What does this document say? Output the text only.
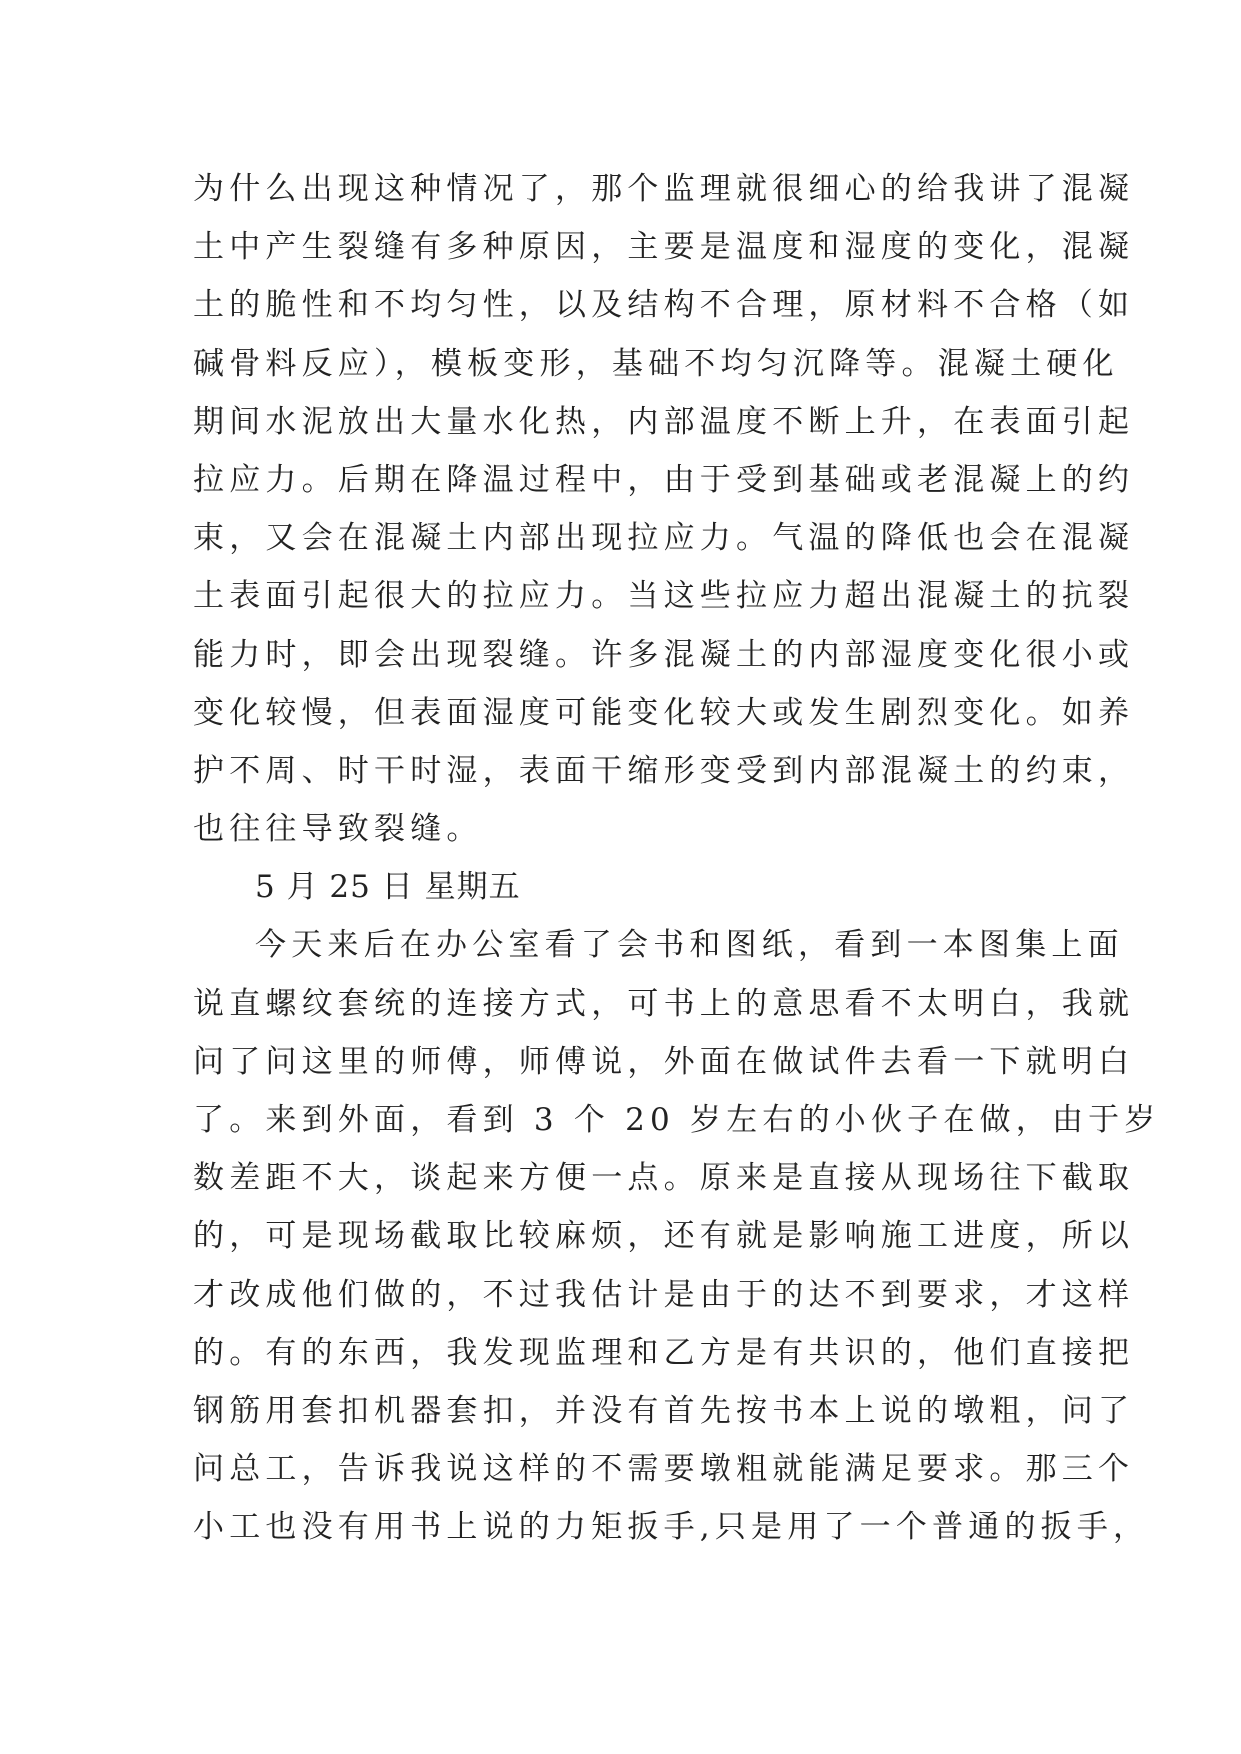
为什么出现这种情况了，那个监理就很细心的给我讲了混凝
土中产生裂缝有多种原因，主要是温度和湿度的变化，混凝
土的脆性和不均匀性，以及结构不合理，原材料不合格（如
碱骨料反应），模板变形，基础不均匀沉降等。混凝土硬化
期间水泥放出大量水化热，内部温度不断上升，在表面引起
拉应力。后期在降温过程中，由于受到基础或老混凝上的约
束，又会在混凝土内部出现拉应力。气温的降低也会在混凝
土表面引起很大的拉应力。当这些拉应力超出混凝土的抗裂
能力时，即会出现裂缝。许多混凝土的内部湿度变化很小或
变化较慢，但表面湿度可能变化较大或发生剧烈变化。如养
护不周、时干时湿，表面干缩形变受到内部混凝土的约束，
也往往导致裂缝。
5 月 25 日 星期五
今天来后在办公室看了会书和图纸，看到一本图集上面
说直螺纹套统的连接方式，可书上的意思看不太明白，我就
问了问这里的师傅，师傅说，外面在做试件去看一下就明白
了。来到外面，看到 3 个 20 岁左右的小伙子在做，由于岁
数差距不大，谈起来方便一点。原来是直接从现场往下截取
的，可是现场截取比较麻烦，还有就是影响施工进度，所以
才改成他们做的，不过我估计是由于的达不到要求，才这样
的。有的东西，我发现监理和乙方是有共识的，他们直接把
钢筋用套扣机器套扣，并没有首先按书本上说的墩粗，问了
问总工，告诉我说这样的不需要墩粗就能满足要求。那三个
小工也没有用书上说的力矩扳手,只是用了一个普通的扳手，
